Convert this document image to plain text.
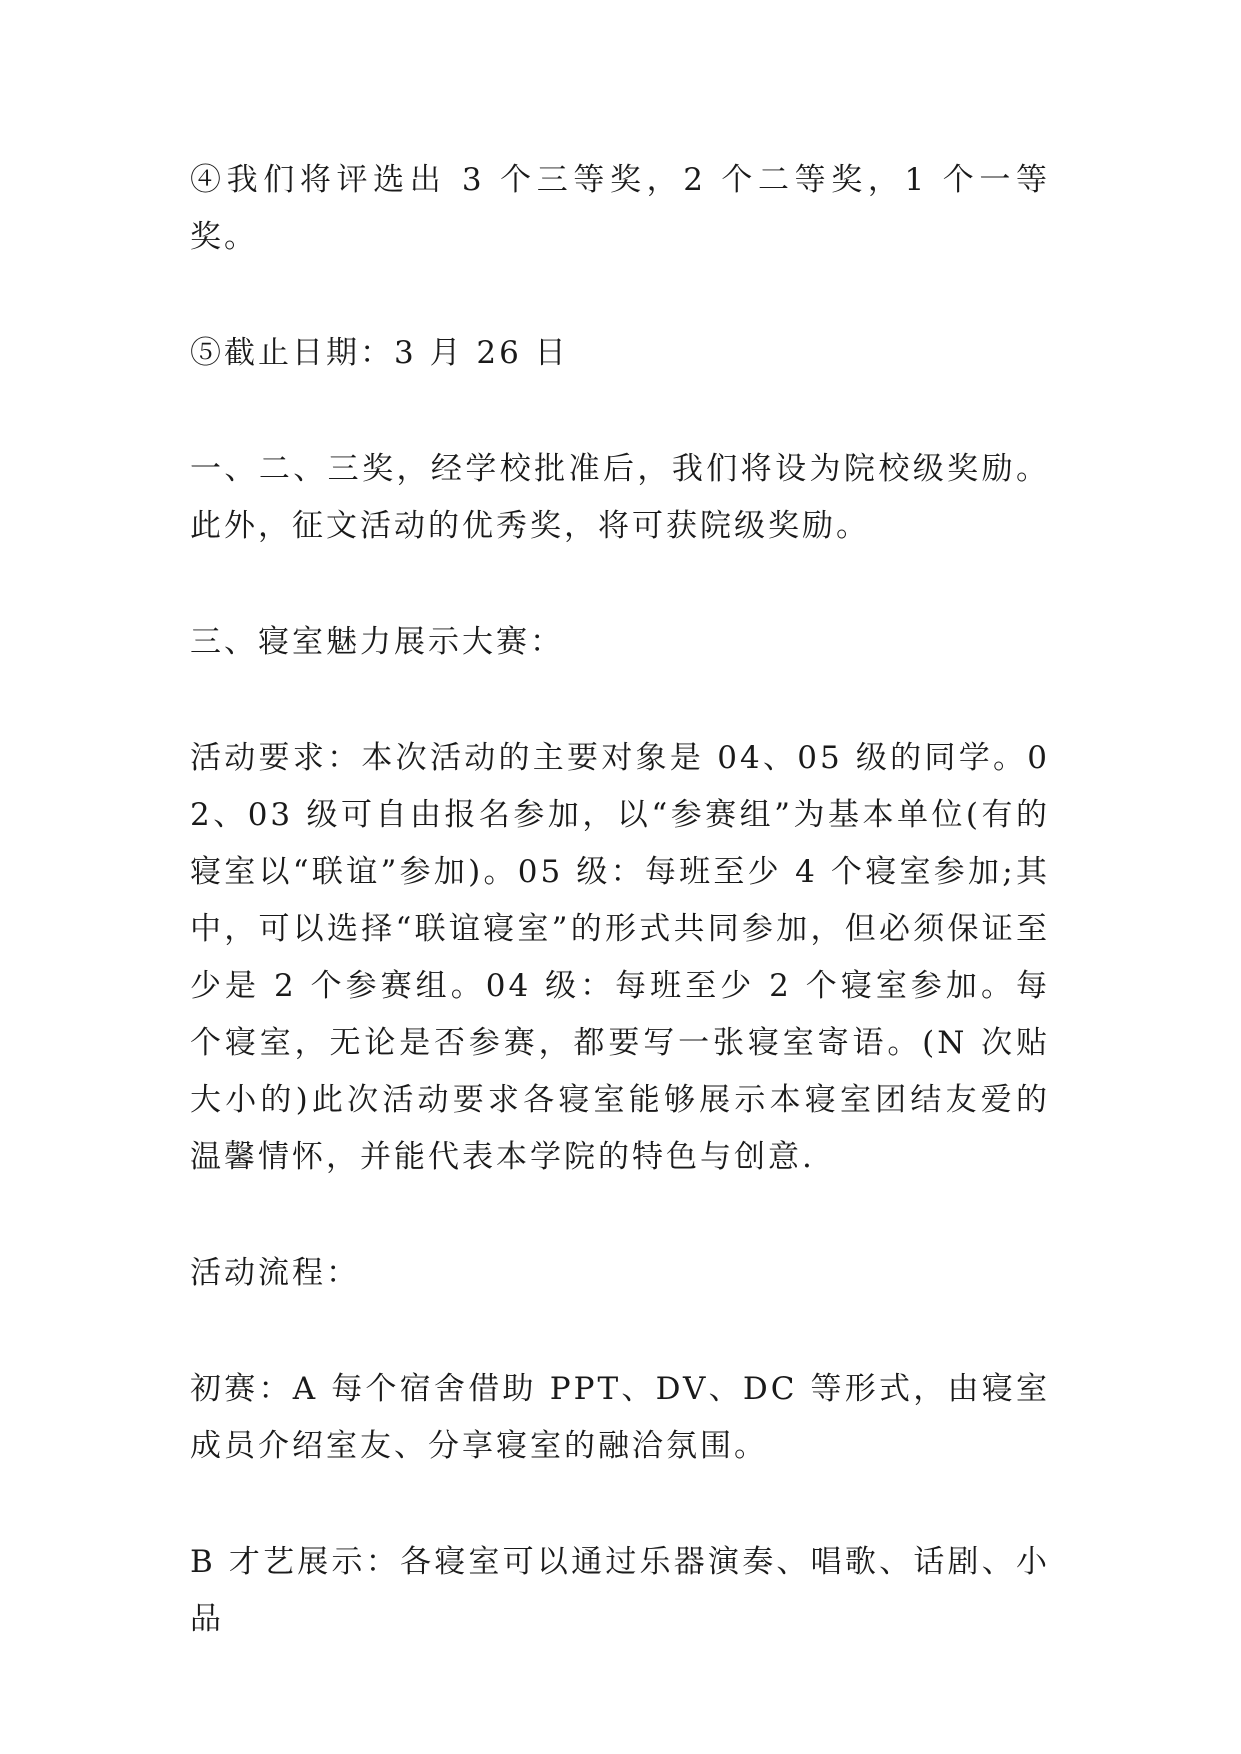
④我们将评选出 3 个三等奖，2 个二等奖，1 个一等奖。

⑤截止日期：3 月 26 日

一、二、三奖，经学校批准后，我们将设为院校级奖励。此外，征文活动的优秀奖，将可获院级奖励。

三、寝室魅力展示大赛：

活动要求：本次活动的主要对象是 04、05 级的同学。02、03 级可自由报名参加，以“参赛组”为基本单位(有的寝室以“联谊”参加)。05 级：每班至少 4 个寝室参加;其中，可以选择“联谊寝室”的形式共同参加，但必须保证至少是 2 个参赛组。04 级：每班至少 2 个寝室参加。每个寝室，无论是否参赛，都要写一张寝室寄语。(N 次贴大小的)此次活动要求各寝室能够展示本寝室团结友爱的温馨情怀，并能代表本学院的特色与创意.

活动流程：

初赛：A 每个宿舍借助 PPT、DV、DC 等形式，由寝室成员介绍室友、分享寝室的融洽氛围。

B 才艺展示：各寝室可以通过乐器演奏、唱歌、话剧、小品
